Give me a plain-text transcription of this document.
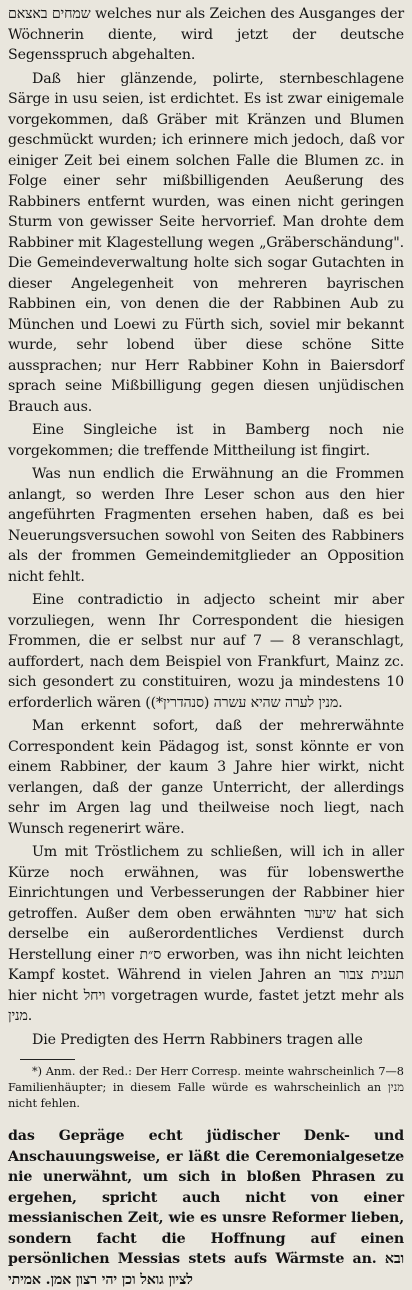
שמחים באצאם welches nur als Zeichen des Ausganges der Wöchnerin diente, wird jetzt der deutsche Segensspruch abgehalten.

Daß hier glänzende, polirte, sternbeschlagene Särge in usu seien, ist erdichtet. Es ist zwar einigemale vorgekommen, daß Gräber mit Kränzen und Blumen geschmückt wurden; ich erinnere mich jedoch, daß vor einiger Zeit bei einem solchen Falle die Blumen zc. in Folge einer sehr mißbilligenden Aeußerung des Rabbiners entfernt wurden, was einen nicht geringen Sturm von gewisser Seite hervorrief. Man drohte dem Rabbiner mit Klagestellung wegen „Gräberschändung". Die Gemeindeverwaltung holte sich sogar Gutachten in dieser Angelegenheit von mehreren bayrischen Rabbinen ein, von denen die der Rabbinen Aub zu München und Loewi zu Fürth sich, soviel mir bekannt wurde, sehr lobend über diese schöne Sitte aussprachen; nur Herr Rabbiner Kohn in Baiersdorf sprach seine Mißbilligung gegen diesen unjüdischen Brauch aus.

Eine Singleiche ist in Bamberg noch nie vorgekommen; die treffende Mittheilung ist fingirt.

Was nun endlich die Erwähnung an die Frommen anlangt, so werden Ihre Leser schon aus den hier angeführten Fragmenten ersehen haben, daß es bei Neuerungsversuchen sowohl von Seiten des Rabbiners als der frommen Gemeindemitglieder an Opposition nicht fehlt.

Eine contradictio in adjecto scheint mir aber vorzuliegen, wenn Ihr Correspondent die hiesigen Frommen, die er selbst nur auf 7 — 8 veranschlagt, auffordert, nach dem Beispiel von Frankfurt, Mainz zc. sich gesondert zu constituiren, wozu ja mindestens 10 erforderlich wären (מנין לערה שהיא עשרה (סנהדרין*).

Man erkennt sofort, daß der mehrerwähnte Correspondent kein Pädagog ist, sonst könnte er von einem Rabbiner, der kaum 3 Jahre hier wirkt, nicht verlangen, daß der ganze Unterricht, der allerdings sehr im Argen lag und theilweise noch liegt, nach Wunsch regenerirt wäre.

Um mit Tröstlichem zu schließen, will ich in aller Kürze noch erwähnen, was für lobenswerthe Einrichtungen und Verbesserungen der Rabbiner hier getroffen. Außer dem oben erwähnten שיעור hat sich derselbe ein außerordentliches Verdienst durch Herstellung einer ס״ת erworben, was ihn nicht leichten Kampf kostet. Während in vielen Jahren an תענית צבור hier nicht ויחל vorgetragen wurde, fastet jetzt mehr als מנין.

Die Predigten des Herrn Rabbiners tragen alle

*) Anm. der Red.: Der Herr Corresp. meinte wahrscheinlich 7—8 Familienhäupter; in diesem Falle würde es wahrscheinlich an מנין nicht fehlen.

das Gepräge echt jüdischer Denk- und Anschauungsweise, er läßt die Ceremonialgesetze nie unerwähnt, um sich in bloßen Phrasen zu ergehen, spricht auch nicht von einer messianischen Zeit, wie es unsre Reformer lieben, sondern facht die Hoffnung auf einen persönlichen Messias stets aufs Wärmste an. ובא לציון גואל וכן יהי רצון אמן. אמיתי
